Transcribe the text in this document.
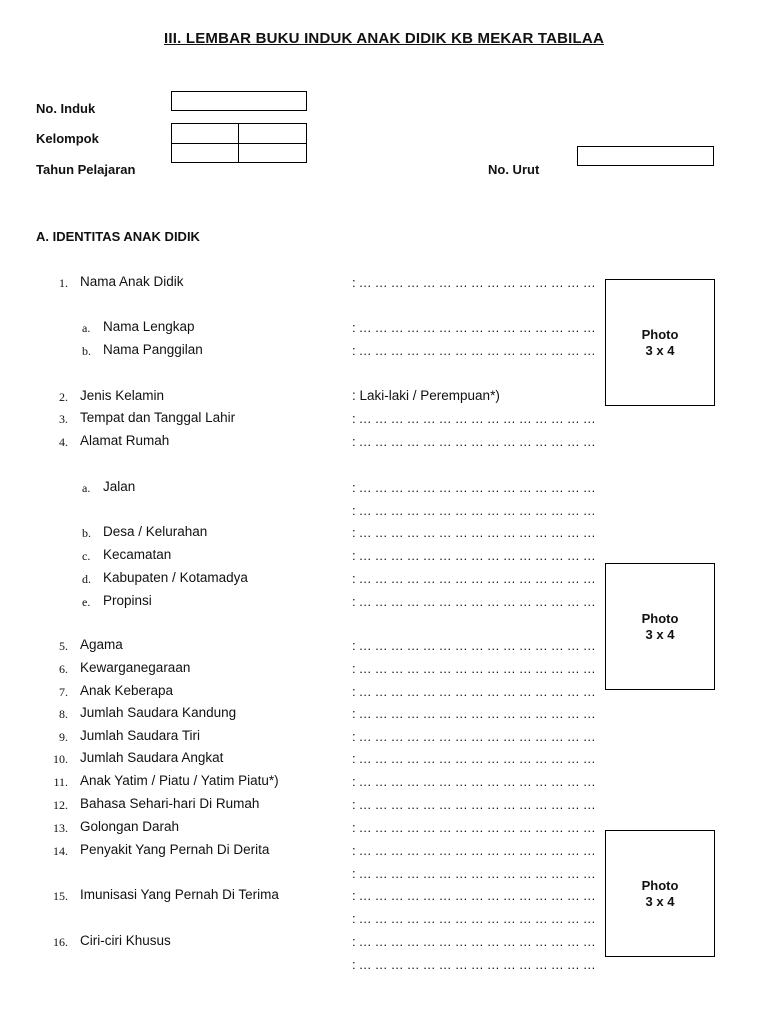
III. LEMBAR BUKU INDUK ANAK DIDIK KB MEKAR TABILAA
No. Induk
Kelompok
Tahun Pelajaran	No. Urut
A. IDENTITAS ANAK DIDIK
1. Nama Anak Didik	: … … … … … … … … … … … … … … …
a. Nama Lengkap	: … … … … … … … … … … … … … … …
b. Nama Panggilan	: … … … … … … … … … … … … … … …
2. Jenis Kelamin	: Laki-laki / Perempuan*)
3. Tempat dan Tanggal Lahir	: … … … … … … … … … … … … … … …
4. Alamat Rumah	: … … … … … … … … … … … … … … …
a. Jalan	: … … … … … … … … … … … … … … …
: … … … … … … … … … … … … … … …
b. Desa / Kelurahan	: … … … … … … … … … … … … … … …
c. Kecamatan	: … … … … … … … … … … … … … … …
d. Kabupaten / Kotamadya	: … … … … … … … … … … … … … … …
e. Propinsi	: … … … … … … … … … … … … … … …
5. Agama	: … … … … … … … … … … … … … … …
6. Kewarganegaraan	: … … … … … … … … … … … … … … …
7. Anak Keberapa	: … … … … … … … … … … … … … … …
8. Jumlah Saudara Kandung	: … … … … … … … … … … … … … … …
9. Jumlah Saudara Tiri	: … … … … … … … … … … … … … … …
10. Jumlah Saudara Angkat	: … … … … … … … … … … … … … … …
11. Anak Yatim / Piatu / Yatim Piatu*)	: … … … … … … … … … … … … … … …
12. Bahasa Sehari-hari Di Rumah	: … … … … … … … … … … … … … … …
13. Golongan Darah	: … … … … … … … … … … … … … … …
14. Penyakit Yang Pernah Di Derita	: … … … … … … … … … … … … … … …
: … … … … … … … … … … … … … … …
15. Imunisasi Yang Pernah Di Terima	: … … … … … … … … … … … … … … …
: … … … … … … … … … … … … … … …
16. Ciri-ciri Khusus	: … … … … … … … … … … … … … … …
: … … … … … … … … … … … … … … …
Photo
3 x 4
Photo
3 x 4
Photo
3 x 4
